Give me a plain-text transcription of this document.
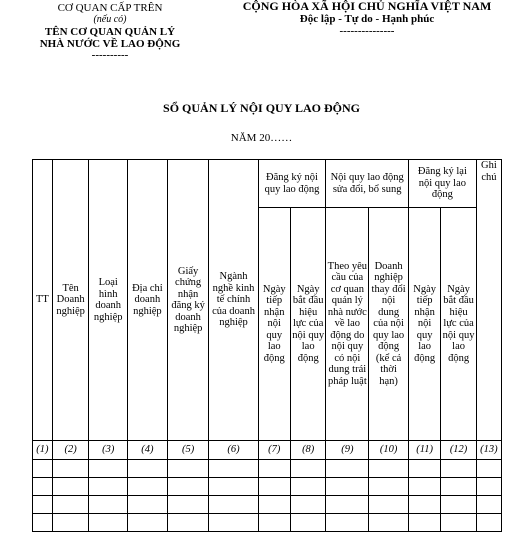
CƠ QUAN CẤP TRÊN
(nếu có)
TÊN CƠ QUAN QUẢN LÝ
NHÀ NƯỚC VỀ LAO ĐỘNG
----------
CỘNG HÒA XÃ HỘI CHỦ NGHĨA VIỆT NAM
Độc lập - Tự do - Hạnh phúc
---------------
SỔ QUẢN LÝ NỘI QUY LAO ĐỘNG
NĂM 20……
TT	Tên Doanh nghiệp	Loại hình doanh nghiệp	Địa chỉ doanh nghiệp	Giấy chứng nhận đăng ký doanh nghiệp	Ngành nghề kinh tế chính của doanh nghiệp	Đăng ký nội quy lao động		Nội quy lao động sửa đổi, bổ sung		Đăng ký lại nội quy lao động		Ghi chú
						Ngày tiếp nhận nội quy lao động	Ngày bắt đầu hiệu lực của nội quy lao động	Theo yêu cầu của cơ quan quản lý nhà nước về lao động do nội quy có nội dung trái pháp luật	Doanh nghiệp thay đổi nội dung của nội quy lao động (kể cả thời hạn)	Ngày tiếp nhận nội quy lao động	Ngày bắt đầu hiệu lực của nội quy lao động	
(1)	(2)	(3)	(4)	(5)	(6)	(7)	(8)	(9)	(10)	(11)	(12)	(13)
